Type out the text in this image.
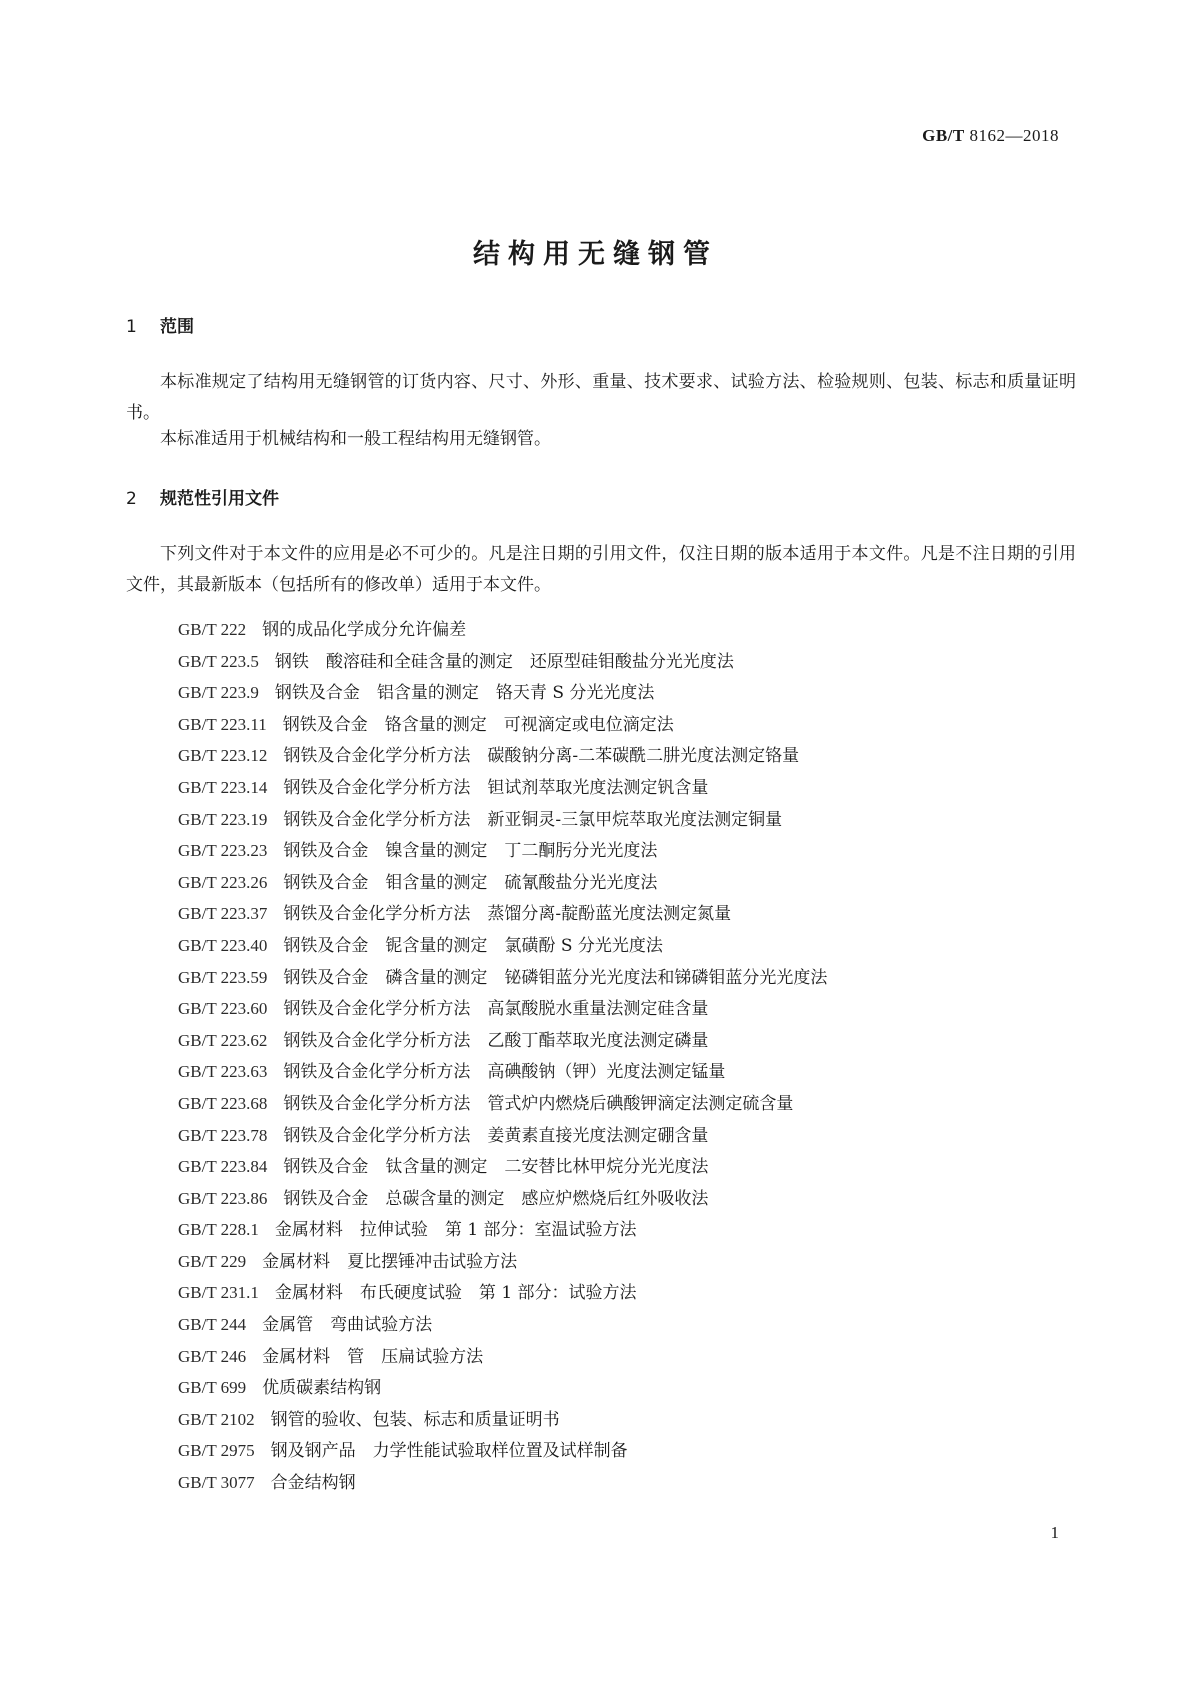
GB/T 8162—2018
结构用无缝钢管
1 范围

本标准规定了结构用无缝钢管的订货内容、尺寸、外形、重量、技术要求、试验方法、检验规则、包装、标志和质量证明书。

本标准适用于机械结构和一般工程结构用无缝钢管。

2 规范性引用文件

下列文件对于本文件的应用是必不可少的。凡是注日期的引用文件，仅注日期的版本适用于本文件。凡是不注日期的引用文件，其最新版本（包括所有的修改单）适用于本文件。

GB/T 222 钢的成品化学成分允许偏差
GB/T 223.5 钢铁　酸溶硅和全硅含量的测定　还原型硅钼酸盐分光光度法
GB/T 223.9 钢铁及合金　铝含量的测定　铬天青 S 分光光度法
GB/T 223.11 钢铁及合金　铬含量的测定　可视滴定或电位滴定法
GB/T 223.12 钢铁及合金化学分析方法　碳酸钠分离-二苯碳酰二肼光度法测定铬量
GB/T 223.14 钢铁及合金化学分析方法　钽试剂萃取光度法测定钒含量
GB/T 223.19 钢铁及合金化学分析方法　新亚铜灵-三氯甲烷萃取光度法测定铜量
GB/T 223.23 钢铁及合金　镍含量的测定　丁二酮肟分光光度法
GB/T 223.26 钢铁及合金　钼含量的测定　硫氰酸盐分光光度法
GB/T 223.37 钢铁及合金化学分析方法　蒸馏分离-靛酚蓝光度法测定氮量
GB/T 223.40 钢铁及合金　铌含量的测定　氯磺酚 S 分光光度法
GB/T 223.59 钢铁及合金　磷含量的测定　铋磷钼蓝分光光度法和锑磷钼蓝分光光度法
GB/T 223.60 钢铁及合金化学分析方法　高氯酸脱水重量法测定硅含量
GB/T 223.62 钢铁及合金化学分析方法　乙酸丁酯萃取光度法测定磷量
GB/T 223.63 钢铁及合金化学分析方法　高碘酸钠（钾）光度法测定锰量
GB/T 223.68 钢铁及合金化学分析方法　管式炉内燃烧后碘酸钾滴定法测定硫含量
GB/T 223.78 钢铁及合金化学分析方法　姜黄素直接光度法测定硼含量
GB/T 223.84 钢铁及合金　钛含量的测定　二安替比林甲烷分光光度法
GB/T 223.86 钢铁及合金　总碳含量的测定　感应炉燃烧后红外吸收法
GB/T 228.1 金属材料　拉伸试验　第 1 部分：室温试验方法
GB/T 229 金属材料　夏比摆锤冲击试验方法
GB/T 231.1 金属材料　布氏硬度试验　第 1 部分：试验方法
GB/T 244 金属管　弯曲试验方法
GB/T 246 金属材料　管　压扁试验方法
GB/T 699 优质碳素结构钢
GB/T 2102 钢管的验收、包装、标志和质量证明书
GB/T 2975 钢及钢产品　力学性能试验取样位置及试样制备
GB/T 3077 合金结构钢
1
